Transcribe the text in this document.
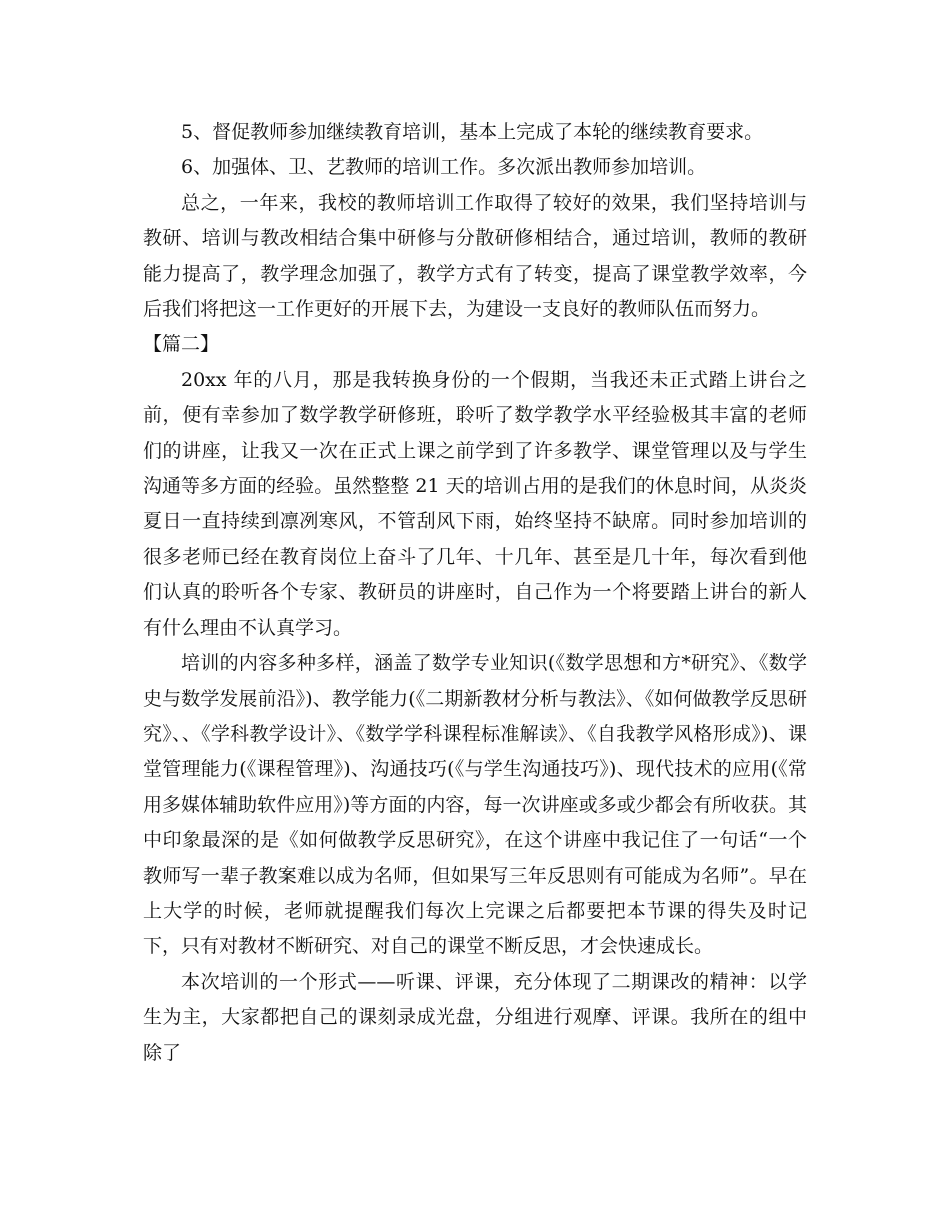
5、督促教师参加继续教育培训，基本上完成了本轮的继续教育要求。

6、加强体、卫、艺教师的培训工作。多次派出教师参加培训。

总之，一年来，我校的教师培训工作取得了较好的效果，我们坚持培训与教研、培训与教改相结合集中研修与分散研修相结合，通过培训，教师的教研能力提高了，教学理念加强了，教学方式有了转变，提高了课堂教学效率，今后我们将把这一工作更好的开展下去，为建设一支良好的教师队伍而努力。

【篇二】

20xx 年的八月，那是我转换身份的一个假期，当我还未正式踏上讲台之前，便有幸参加了数学教学研修班，聆听了数学教学水平经验极其丰富的老师们的讲座，让我又一次在正式上课之前学到了许多教学、课堂管理以及与学生沟通等多方面的经验。虽然整整 21 天的培训占用的是我们的休息时间，从炎炎夏日一直持续到凛冽寒风，不管刮风下雨，始终坚持不缺席。同时参加培训的很多老师已经在教育岗位上奋斗了几年、十几年、甚至是几十年，每次看到他们认真的聆听各个专家、教研员的讲座时，自己作为一个将要踏上讲台的新人有什么理由不认真学习。

培训的内容多种多样，涵盖了数学专业知识(《数学思想和方*研究》、《数学史与数学发展前沿》)、教学能力(《二期新教材分析与教法》、《如何做教学反思研究》、、《学科教学设计》、《数学学科课程标准解读》、《自我教学风格形成》)、课堂管理能力(《课程管理》)、沟通技巧(《与学生沟通技巧》)、现代技术的应用(《常用多媒体辅助软件应用》)等方面的内容，每一次讲座或多或少都会有所收获。其中印象最深的是《如何做教学反思研究》，在这个讲座中我记住了一句话“一个教师写一辈子教案难以成为名师，但如果写三年反思则有可能成为名师”。早在上大学的时候，老师就提醒我们每次上完课之后都要把本节课的得失及时记下，只有对教材不断研究、对自己的课堂不断反思，才会快速成长。

本次培训的一个形式——听课、评课，充分体现了二期课改的精神：以学生为主，大家都把自己的课刻录成光盘，分组进行观摩、评课。我所在的组中除了
